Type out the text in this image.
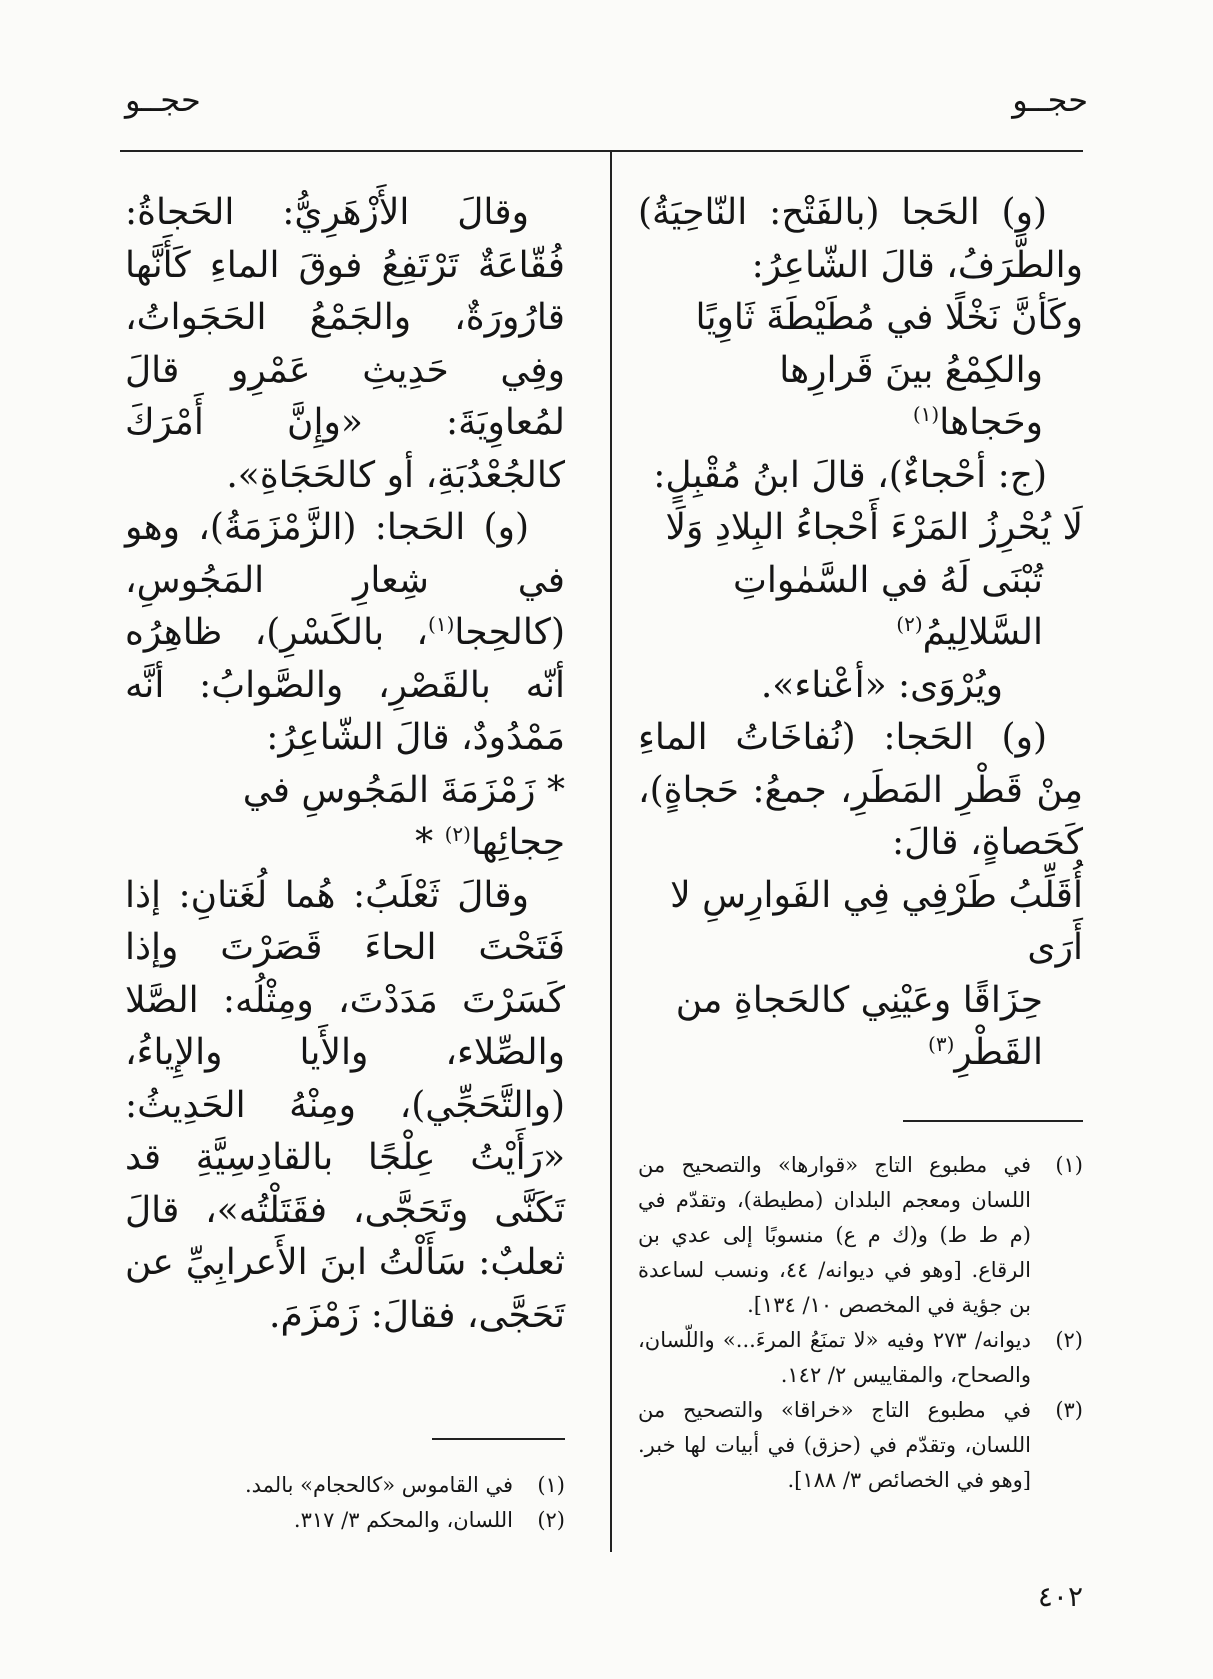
حجــو
حجــو

(و) الحَجا (بالفَتْح: النّاحِيَةُ) والطَّرَفُ، قالَ الشّاعِرُ:

وكَأنَّ نَخْلًا في مُطَيْطَةَ ثَاوِيًا

والكِمْعُ بينَ قَرارِها وحَجاها$^{(١)}$

(ج: أحْجاءٌ)، قالَ ابنُ مُقْبِلٍ:

لَا يُحْرِزُ المَرْءَ أَحْجاءُ البِلادِ وَلَا

تُبْنَى لَهُ في السَّمٰواتِ السَّلالِيمُ$^{(٢)}$

ويُرْوَى: «أعْناء».

(و) الحَجا: (نُفاخَاتُ الماءِ مِنْ قَطْرِ المَطَرِ، جمعُ: حَجاةٍ)، كَحَصاةٍ، قالَ:

أُقَلِّبُ طَرْفِي فِي الفَوارِسِ لا أَرَى

حِزَاقًا وعَيْنِي كالحَجاةِ من القَطْرِ$^{(٣)}$

وقالَ الأَزْهَرِيُّ: الحَجاةُ: فُقّاعَةٌ تَرْتَفِعُ فوقَ الماءِ كَأَنَّها قارُورَةٌ، والجَمْعُ الحَجَواتُ، وفِي حَدِيثِ عَمْرِو قالَ لمُعاوِيَةَ: «وإِنَّ أَمْرَكَ كالجُعْدُبَةِ، أو كالحَجَاةِ».

(و) الحَجا: (الزَّمْزَمَةُ)، وهو في شِعارِ المَجُوسِ، (كالحِجا$^{(١)}$، بالكَسْرِ)، ظاهِرُه أنّه بالقَصْرِ، والصَّوابُ: أنَّه مَمْدُودٌ، قالَ الشّاعِرُ:

* زَمْزَمَةَ المَجُوسِ في حِجائِها$^{(٢)}$ *

وقالَ ثَعْلَبُ: هُما لُغَتانِ: إذا فَتَحْتَ الحاءَ قَصَرْتَ وإذا كَسَرْتَ مَدَدْتَ، ومِثْلُه: الصَّلا والصِّلاء، والأَيا والإِياءُ، (والتَّحَجِّي)، ومِنْهُ الحَدِيثُ: «رَأَيْتُ عِلْجًا بالقادِسِيَّةِ قد تَكَنَّى وتَحَجَّى، فقَتَلْتُه»، قالَ ثعلبٌ: سَأَلْتُ ابنَ الأَعرابِيِّ عن تَحَجَّى، فقالَ: زَمْزَمَ.

(١)
في مطبوع التاج «قوارها» والتصحيح من اللسان ومعجم البلدان (مطيطة)، وتقدّم في (م ط ط) و(ك م ع) منسوبًا إلى عدي بن الرقاع. [وهو في ديوانه/ ٤٤، ونسب لساعدة بن جؤية في المخصص ١٠/ ١٣٤].

(٢)
ديوانه/ ٢٧٣ وفيه «لا تمنَعُ المرءَ...» واللّسان، والصحاح، والمقاييس ٢/ ١٤٢.

(٣)
في مطبوع التاج «خراقا» والتصحيح من اللسان، وتقدّم في (حزق) في أبيات لها خبر. [وهو في الخصائص ٣/ ١٨٨].

(١)
في القاموس «كالحجام» بالمد.

(٢)
اللسان، والمحكم ٣/ ٣١٧.

٤٠٢
